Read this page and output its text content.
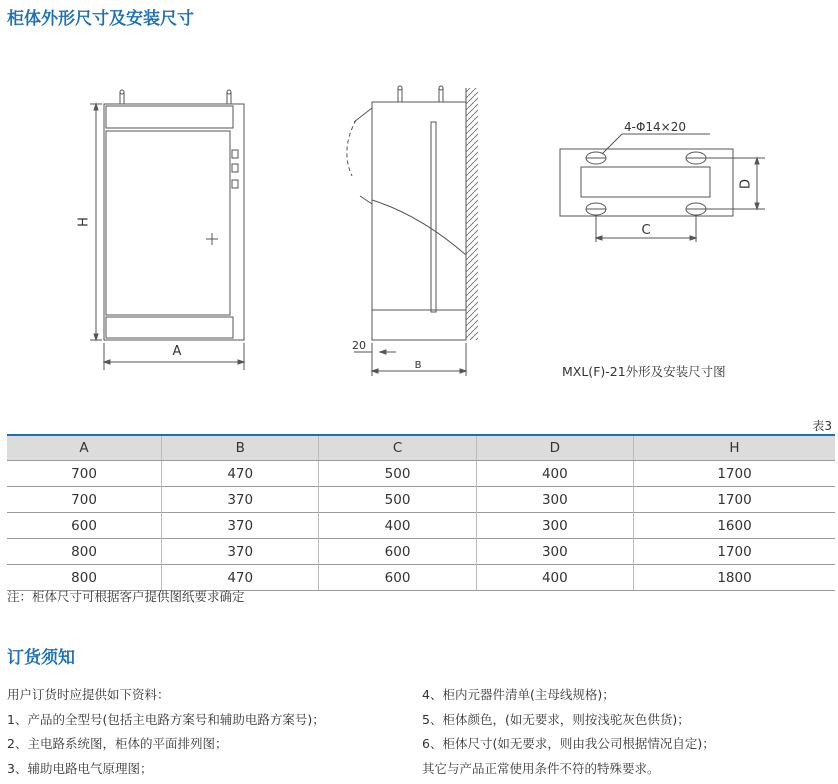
柜体外形尺寸及安装尺寸
H
A	20
B
4-Φ14×20
D
C
MXL(F)-21外形及安装尺寸图
表3
A	B	C	D	H
700	470	500	400	1700
700	370	500	300	1700
600	370	400	300	1600
800	370	600	300	1700
800	470	600	400	1800
注：柜体尺寸可根据客户提供图纸要求确定
订货须知
用户订货时应提供如下资料：
1、产品的全型号(包括主电路方案号和辅助电路方案号)；
2、主电路系统图，柜体的平面排列图；
3、辅助电路电气原理图；
4、柜内元器件清单(主母线规格)；
5、柜体颜色，(如无要求，则按浅驼灰色供货)；
6、柜体尺寸(如无要求，则由我公司根据情况自定)；
其它与产品正常使用条件不符的特殊要求。
